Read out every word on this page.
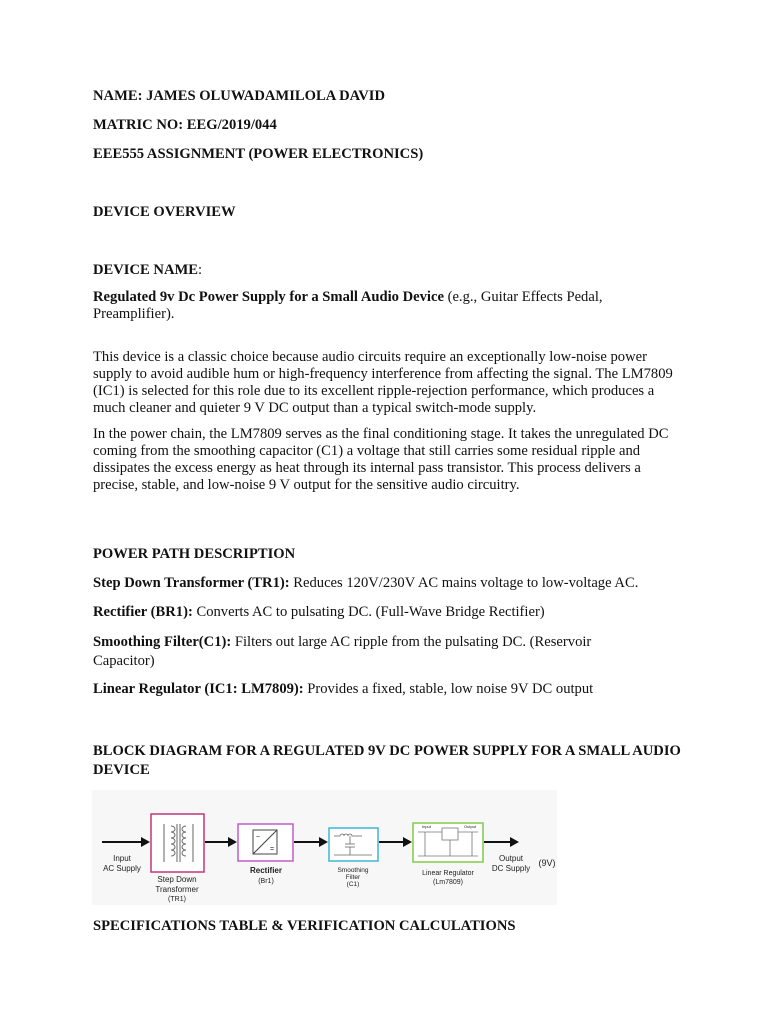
NAME: JAMES OLUWADAMILOLA DAVID

MATRIC NO: EEG/2019/044

EEE555 ASSIGNMENT (POWER ELECTRONICS)

DEVICE OVERVIEW

DEVICE NAME:

Regulated 9v Dc Power Supply for a Small Audio Device (e.g., Guitar Effects Pedal, Preamplifier).

This device is a classic choice because audio circuits require an exceptionally low-noise power supply to avoid audible hum or high-frequency interference from affecting the signal. The LM7809 (IC1) is selected for this role due to its excellent ripple-rejection performance, which produces a much cleaner and quieter 9 V DC output than a typical switch-mode supply.

In the power chain, the LM7809 serves as the final conditioning stage. It takes the unregulated DC coming from the smoothing capacitor (C1) a voltage that still carries some residual ripple and dissipates the excess energy as heat through its internal pass transistor. This process delivers a precise, stable, and low-noise 9 V output for the sensitive audio circuitry.

POWER PATH DESCRIPTION

Step Down Transformer (TR1): Reduces 120V/230V AC mains voltage to low-voltage AC.

Rectifier (BR1): Converts AC to pulsating DC. (Full-Wave Bridge Rectifier)

Smoothing Filter(C1): Filters out large AC ripple from the pulsating DC. (Reservoir Capacitor)

Linear Regulator (IC1: LM7809): Provides a fixed, stable, low noise 9V DC output

BLOCK DIAGRAM FOR A REGULATED 9V DC POWER SUPPLY FOR A SMALL AUDIO DEVICE

Input
AC Supply
Step Down
Transformer
(TR1)
~
=
Rectifier
(Br1)
Smoothing
Filter
(C1)
Input	Output
Linear Regulator
(Lm7809)
Output
DC Supply
(9V)

SPECIFICATIONS TABLE & VERIFICATION CALCULATIONS
